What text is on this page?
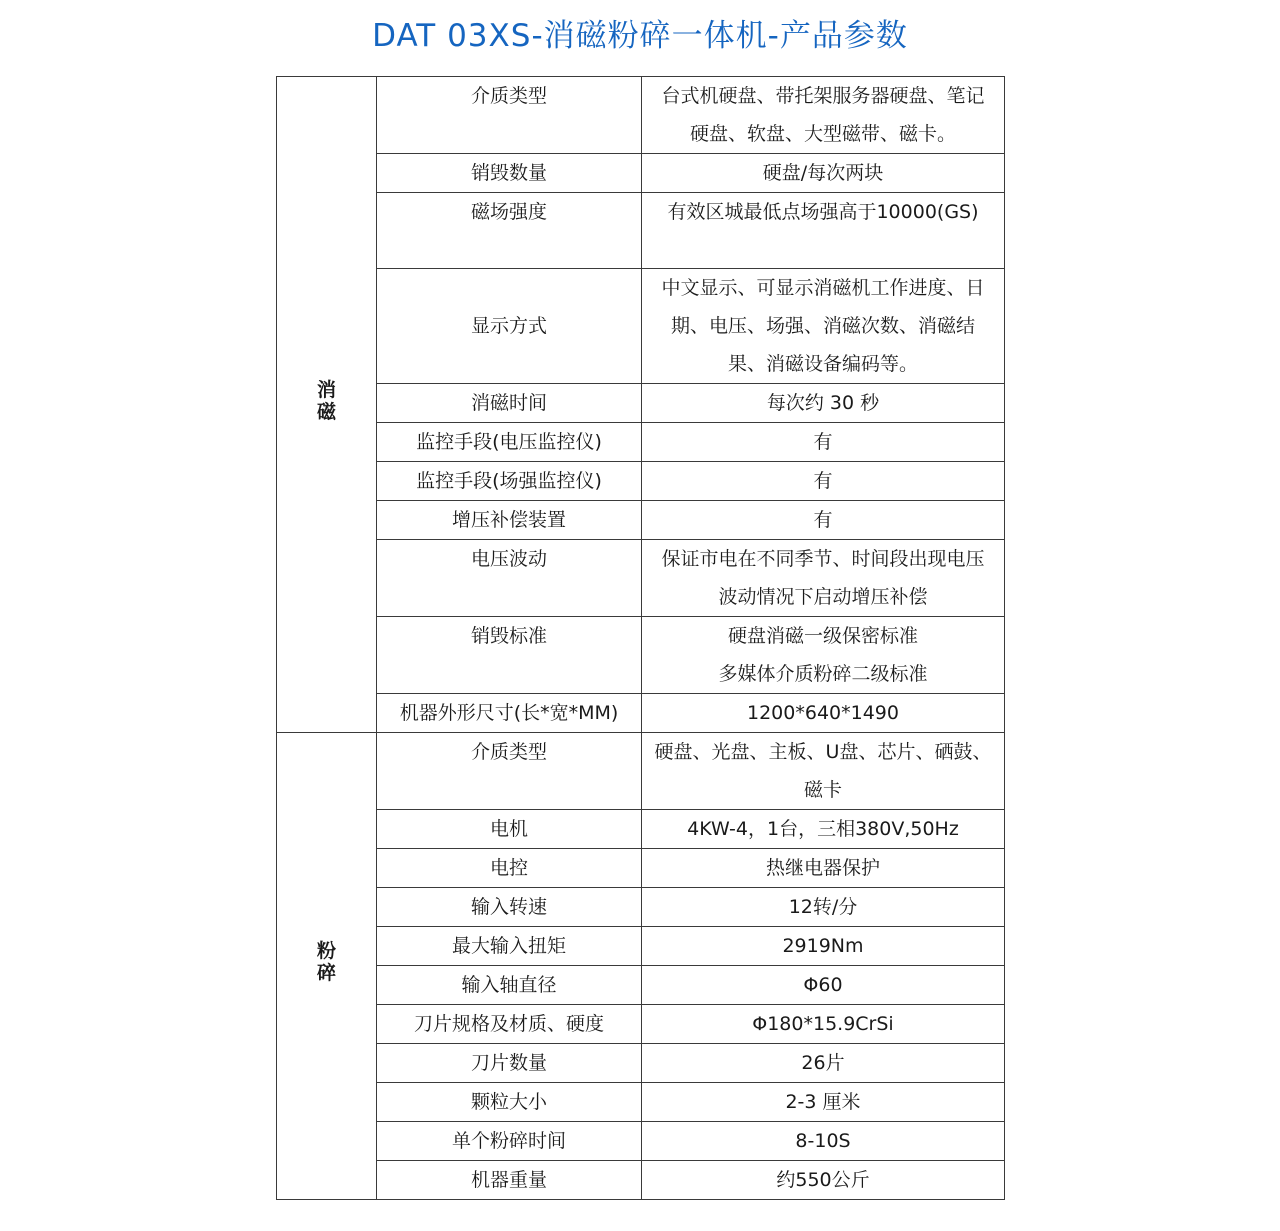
DAT 03XS-消磁粉碎一体机-产品参数
消磁	介质类型	台式机硬盘、带托架服务器硬盘、笔记硬盘、软盘、大型磁带、磁卡。
	销毁数量	硬盘/每次两块
	磁场强度	有效区城最低点场强高于10000(GS)
	显示方式	中文显示、可显示消磁机工作进度、日期、电压、场强、消磁次数、消磁结果、消磁设备编码等。
	消磁时间	每次约 30 秒
	监控手段(电压监控仪)	有
	监控手段(场强监控仪)	有
	增压补偿装置	有
	电压波动	保证市电在不同季节、时间段出现电压波动情况下启动增压补偿
	销毁标准	硬盘消磁一级保密标准
多媒体介质粉碎二级标准
	机器外形尺寸(长*宽*MM)	1200*640*1490
粉碎	介质类型	硬盘、光盘、主板、U盘、芯片、硒鼓、磁卡
	电机	4KW-4，1台，三相380V,50Hz
	电控	热继电器保护
	输入转速	12转/分
	最大输入扭矩	2919Nm
	输入轴直径	Φ60
	刀片规格及材质、硬度	Φ180*15.9CrSi
	刀片数量	26片
	颗粒大小	2-3 厘米
	单个粉碎时间	8-10S
	机器重量	约550公斤
